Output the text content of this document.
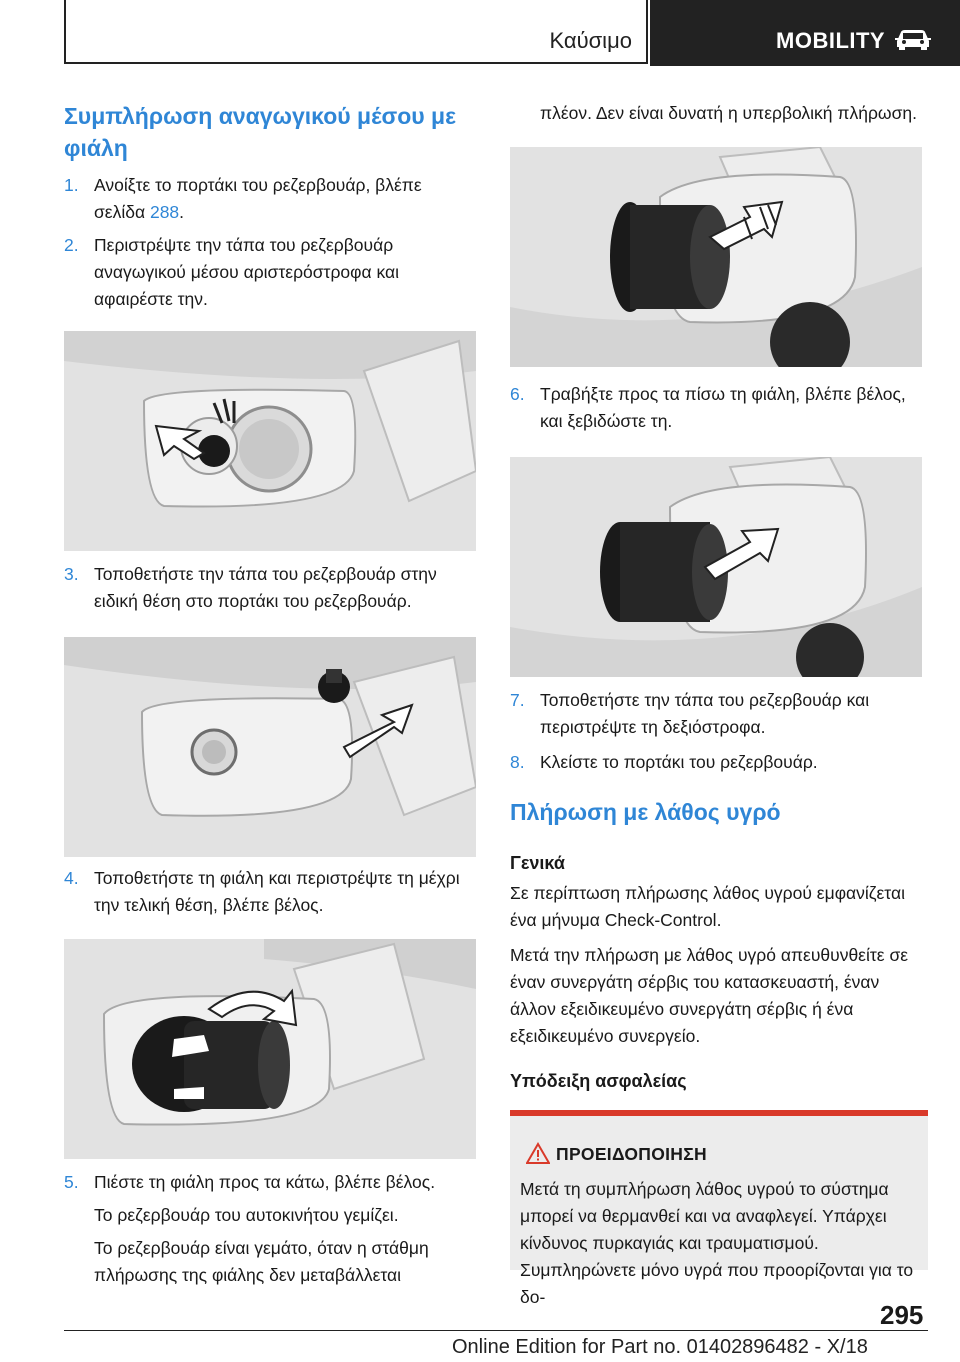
Καύσιμο	MOBILITY
Συμπλήρωση αναγωγικού μέσου με φιάλη
1. Ανοίξτε το πορτάκι του ρεζερβουάρ, βλέπε σελίδα 288.
2. Περιστρέψτε την τάπα του ρεζερβουάρ αναγωγικού μέσου αριστερόστροφα και αφαιρέστε την.
3. Τοποθετήστε την τάπα του ρεζερβουάρ στην ειδική θέση στο πορτάκι του ρεζερβουάρ.
4. Τοποθετήστε τη φιάλη και περιστρέψτε τη μέχρι την τελική θέση, βλέπε βέλος.
5. Πιέστε τη φιάλη προς τα κάτω, βλέπε βέλος.
Το ρεζερβουάρ του αυτοκινήτου γεμίζει.
Το ρεζερβουάρ είναι γεμάτο, όταν η στάθμη πλήρωσης της φιάλης δεν μεταβάλλεται
πλέον. Δεν είναι δυνατή η υπερβολική πλήρωση.
6. Τραβήξτε προς τα πίσω τη φιάλη, βλέπε βέλος, και ξεβιδώστε τη.
7. Τοποθετήστε την τάπα του ρεζερβουάρ και περιστρέψτε τη δεξιόστροφα.
8. Κλείστε το πορτάκι του ρεζερβουάρ.
Πλήρωση με λάθος υγρό
Γενικά
Σε περίπτωση πλήρωσης λάθος υγρού εμφανίζεται ένα μήνυμα Check-Control.
Μετά την πλήρωση με λάθος υγρό απευθυνθείτε σε έναν συνεργάτη σέρβις του κατασκευαστή, έναν άλλον εξειδικευμένο συνεργάτη σέρβις ή ένα εξειδικευμένο συνεργείο.
Υπόδειξη ασφαλείας
ΠΡΟΕΙΔΟΠΟΙΗΣΗ
Μετά τη συμπλήρωση λάθος υγρού το σύστημα μπορεί να θερμανθεί και να αναφλεγεί. Υπάρχει κίνδυνος πυρκαγιάς και τραυματισμού. Συμπληρώνετε μόνο υγρά που προορίζονται για το δο-
295
Online Edition for Part no. 01402896482 - X/18
